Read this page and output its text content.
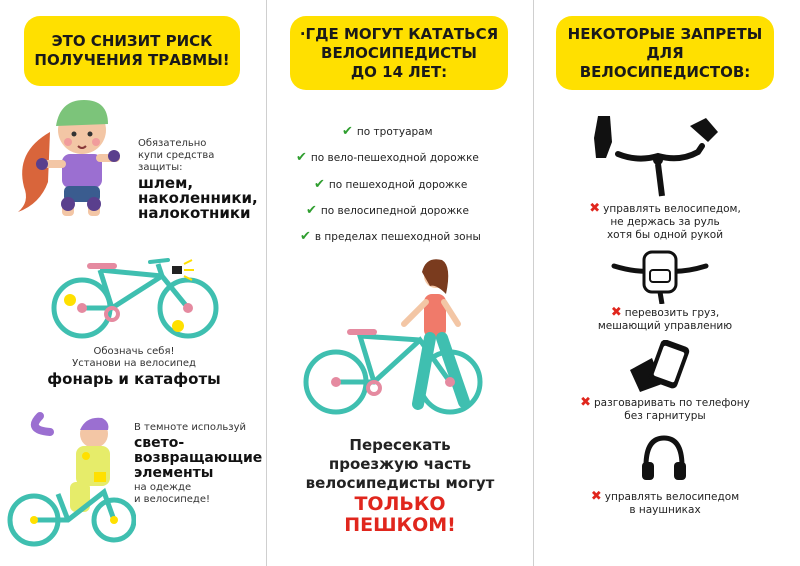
ЭТО СНИЗИТ РИСК
ПОЛУЧЕНИЯ ТРАВМЫ!
Обязательно
купи средства
защиты:
шлем,
наколенники,
налокотники
Обозначь себя!
Установи на велосипед
фонарь и катафоты
В темноте используй
свето-
возвращающие
элементы
на одежде
и велосипеде!
·ГДЕ МОГУТ КАТАТЬСЯ
ВЕЛОСИПЕДИСТЫ
ДО 14 ЛЕТ:
✔ по тротуарам
✔ по вело-пешеходной дорожке
✔ по пешеходной дорожке
✔ по велосипедной дорожке
✔ в пределах пешеходной зоны
Пересекать
проезжую часть
велосипедисты могут
ТОЛЬКО
ПЕШКОМ!
НЕКОТОРЫЕ ЗАПРЕТЫ
ДЛЯ
ВЕЛОСИПЕДИСТОВ:
✖ управлять велосипедом,
не держась за руль
хотя бы одной рукой
✖ перевозить груз,
мешающий управлению
✖ разговаривать по телефону
без гарнитуры
✖ управлять велосипедом
в наушниках
